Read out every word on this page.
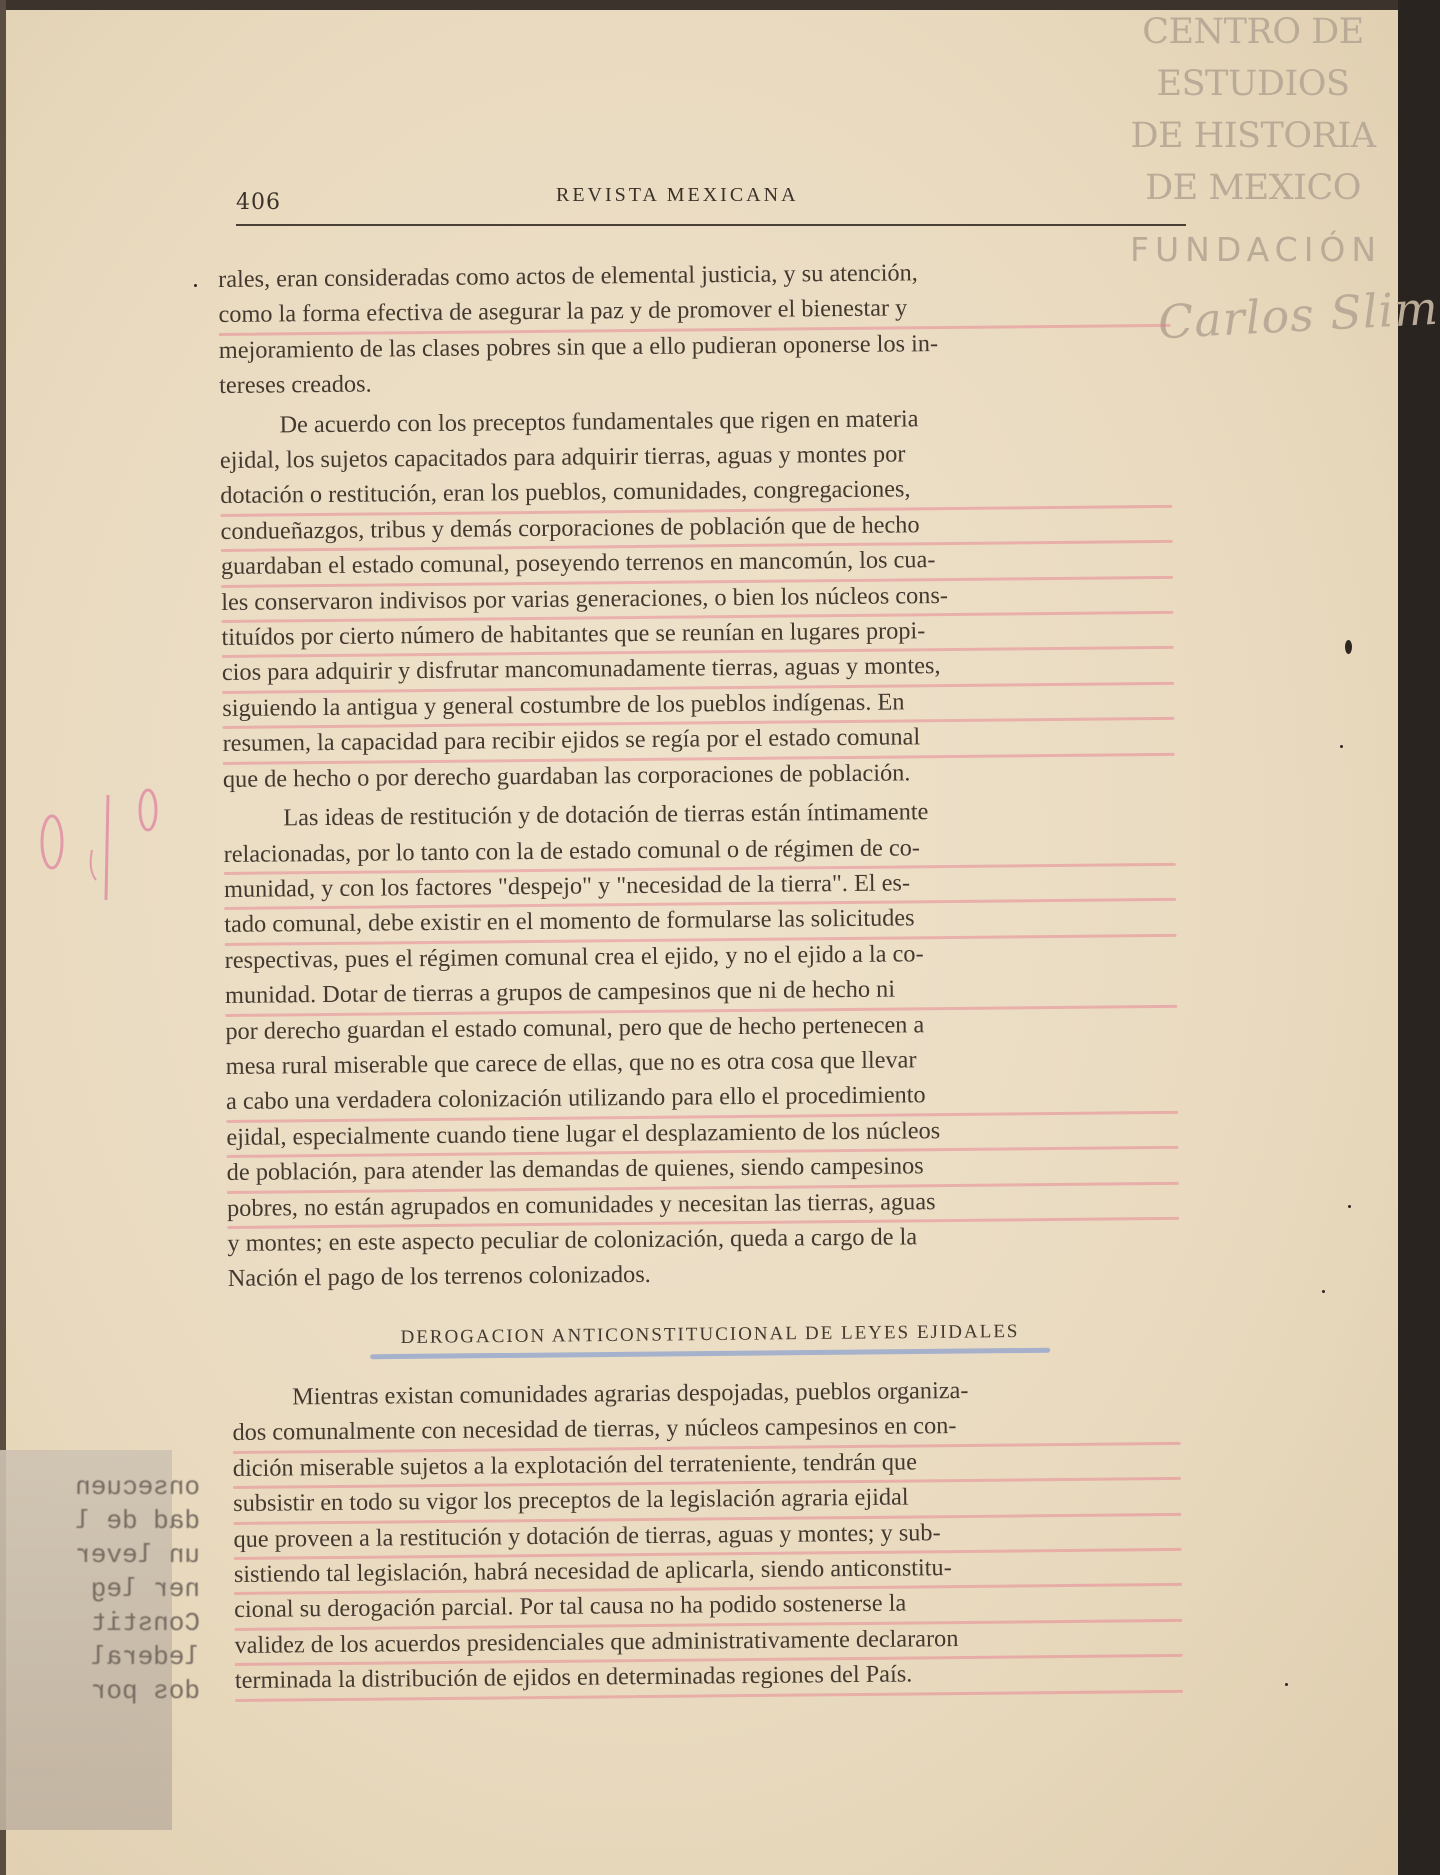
CENTRO DE
ESTUDIOS
DE HISTORIA
DE MEXICO
FUNDACIÓN
Carlos Slim
406	REVISTA MEXICANA
rales, eran consideradas como actos de elemental justicia, y su atención,
como la forma efectiva de asegurar la paz y de promover el bienestar y
mejoramiento de las clases pobres sin que a ello pudieran oponerse los in-
tereses creados.
De acuerdo con los preceptos fundamentales que rigen en materia
ejidal, los sujetos capacitados para adquirir tierras, aguas y montes por
dotación o restitución, eran los pueblos, comunidades, congregaciones,
condueñazgos, tribus y demás corporaciones de población que de hecho
guardaban el estado comunal, poseyendo terrenos en mancomún, los cua-
les conservaron indivisos por varias generaciones, o bien los núcleos cons-
tituídos por cierto número de habitantes que se reunían en lugares propi-
cios para adquirir y disfrutar mancomunadamente tierras, aguas y montes,
siguiendo la antigua y general costumbre de los pueblos indígenas. En
resumen, la capacidad para recibir ejidos se regía por el estado comunal
que de hecho o por derecho guardaban las corporaciones de población.
Las ideas de restitución y de dotación de tierras están íntimamente
relacionadas, por lo tanto con la de estado comunal o de régimen de co-
munidad, y con los factores "despejo" y "necesidad de la tierra". El es-
tado comunal, debe existir en el momento de formularse las solicitudes
respectivas, pues el régimen comunal crea el ejido, y no el ejido a la co-
munidad. Dotar de tierras a grupos de campesinos que ni de hecho ni
por derecho guardan el estado comunal, pero que de hecho pertenecen a
mesa rural miserable que carece de ellas, que no es otra cosa que llevar
a cabo una verdadera colonización utilizando para ello el procedimiento
ejidal, especialmente cuando tiene lugar el desplazamiento de los núcleos
de población, para atender las demandas de quienes, siendo campesinos
pobres, no están agrupados en comunidades y necesitan las tierras, aguas
y montes; en este aspecto peculiar de colonización, queda a cargo de la
Nación el pago de los terrenos colonizados.
DEROGACION ANTICONSTITUCIONAL DE LEYES EJIDALES
Mientras existan comunidades agrarias despojadas, pueblos organiza-
dos comunalmente con necesidad de tierras, y núcleos campesinos en con-
dición miserable sujetos a la explotación del terrateniente, tendrán que
subsistir en todo su vigor los preceptos de la legislación agraria ejidal
que proveen a la restitución y dotación de tierras, aguas y montes; y sub-
sistiendo tal legislación, habrá necesidad de aplicarla, siendo anticonstitu-
cional su derogación parcial. Por tal causa no ha podido sostenerse la
validez de los acuerdos presidenciales que administrativamente declararon
terminada la distribución de ejidos en determinadas regiones del País.
onsecuen
dad de l
un lever
ner leg
Constit
lederal
dos por
